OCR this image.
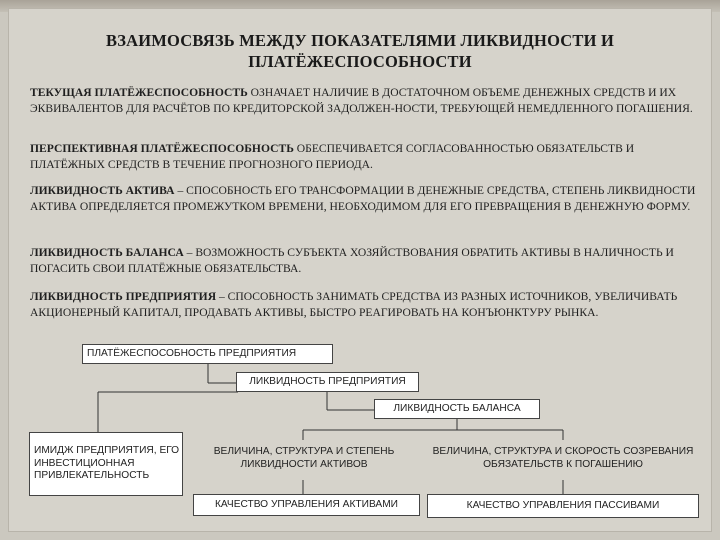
ВЗАИМОСВЯЗЬ МЕЖДУ ПОКАЗАТЕЛЯМИ ЛИКВИДНОСТИ И ПЛАТЁЖЕСПОСОБНОСТИ
ТЕКУЩАЯ ПЛАТЁЖЕСПОСОБНОСТЬ ОЗНАЧАЕТ НАЛИЧИЕ В ДОСТАТОЧНОМ ОБЪЕМЕ ДЕНЕЖНЫХ СРЕДСТВ И ИХ ЭКВИВАЛЕНТОВ ДЛЯ РАСЧЁТОВ ПО КРЕДИТОРСКОЙ ЗАДОЛЖЕН-НОСТИ, ТРЕБУЮЩЕЙ НЕМЕДЛЕННОГО ПОГАШЕНИЯ.
ПЕРСПЕКТИВНАЯ ПЛАТЁЖЕСПОСОБНОСТЬ ОБЕСПЕЧИВАЕТСЯ СОГЛАСОВАННОСТЬЮ ОБЯЗАТЕЛЬСТВ И ПЛАТЁЖНЫХ СРЕДСТВ В ТЕЧЕНИЕ ПРОГНОЗНОГО ПЕРИОДА.
ЛИКВИДНОСТЬ АКТИВА – СПОСОБНОСТЬ ЕГО ТРАНСФОРМАЦИИ В ДЕНЕЖНЫЕ СРЕДСТВА, СТЕПЕНЬ ЛИКВИДНОСТИ АКТИВА ОПРЕДЕЛЯЕТСЯ ПРОМЕЖУТКОМ ВРЕМЕНИ, НЕОБХОДИМОМ ДЛЯ ЕГО ПРЕВРАЩЕНИЯ В ДЕНЕЖНУЮ ФОРМУ.
ЛИКВИДНОСТЬ БАЛАНСА – ВОЗМОЖНОСТЬ СУБЪЕКТА ХОЗЯЙСТВОВАНИЯ ОБРАТИТЬ АКТИВЫ В НАЛИЧНОСТЬ И ПОГАСИТЬ СВОИ ПЛАТЁЖНЫЕ ОБЯЗАТЕЛЬСТВА.
ЛИКВИДНОСТЬ ПРЕДПРИЯТИЯ – СПОСОБНОСТЬ ЗАНИМАТЬ СРЕДСТВА ИЗ РАЗНЫХ ИСТОЧНИКОВ, УВЕЛИЧИВАТЬ АКЦИОНЕРНЫЙ КАПИТАЛ, ПРОДАВАТЬ АКТИВЫ, БЫСТРО РЕАГИРОВАТЬ НА КОНЪЮНКТУРУ РЫНКА.
ПЛАТЁЖЕСПОСОБНОСТЬ ПРЕДПРИЯТИЯ
ЛИКВИДНОСТЬ ПРЕДПРИЯТИЯ
ЛИКВИДНОСТЬ БАЛАНСА
ИМИДЖ ПРЕДПРИЯТИЯ, ЕГО ИНВЕСТИЦИОННАЯ ПРИВЛЕКАТЕЛЬНОСТЬ
ВЕЛИЧИНА, СТРУКТУРА И СТЕПЕНЬ ЛИКВИДНОСТИ АКТИВОВ
ВЕЛИЧИНА, СТРУКТУРА И СКОРОСТЬ СОЗРЕВАНИЯ ОБЯЗАТЕЛЬСТВ К ПОГАШЕНИЮ
КАЧЕСТВО УПРАВЛЕНИЯ АКТИВАМИ	КАЧЕСТВО УПРАВЛЕНИЯ ПАССИВАМИ
